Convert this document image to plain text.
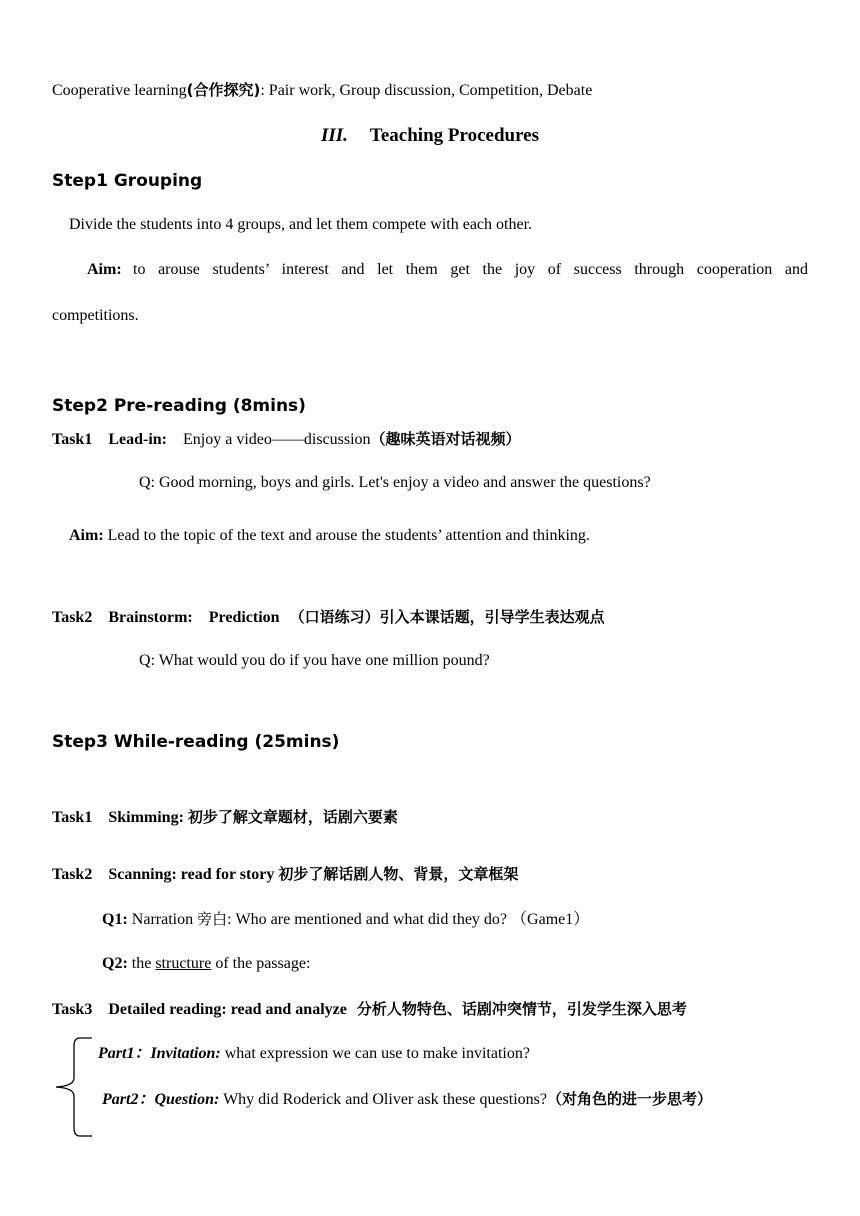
Cooperative learning(合作探究): Pair work, Group discussion, Competition, Debate
III. Teaching Procedures
Step1 Grouping
Divide the students into 4 groups, and let them compete with each other.
Aim: to arouse students’ interest and let them get the joy of success through cooperation and
competitions.
Step2 Pre-reading (8mins)
Task1 Lead-in: Enjoy a video——discussion（趣味英语对话视频）
Q: Good morning, boys and girls. Let's enjoy a video and answer the questions?
Aim: Lead to the topic of the text and arouse the students’ attention and thinking.
Task2 Brainstorm: Prediction （口语练习）引入本课话题，引导学生表达观点
Q: What would you do if you have one million pound?
Step3 While-reading (25mins)
Task1 Skimming: 初步了解文章题材，话剧六要素
Task2 Scanning: read for story 初步了解话剧人物、背景，文章框架
Q1: Narration 旁白: Who are mentioned and what did they do? （Game1）
Q2: the structure of the passage:
Task3 Detailed reading: read and analyze 分析人物特色、话剧冲突情节，引发学生深入思考
Part1：Invitation: what expression we can use to make invitation?
Part2：Question: Why did Roderick and Oliver ask these questions?（对角色的进一步思考）
